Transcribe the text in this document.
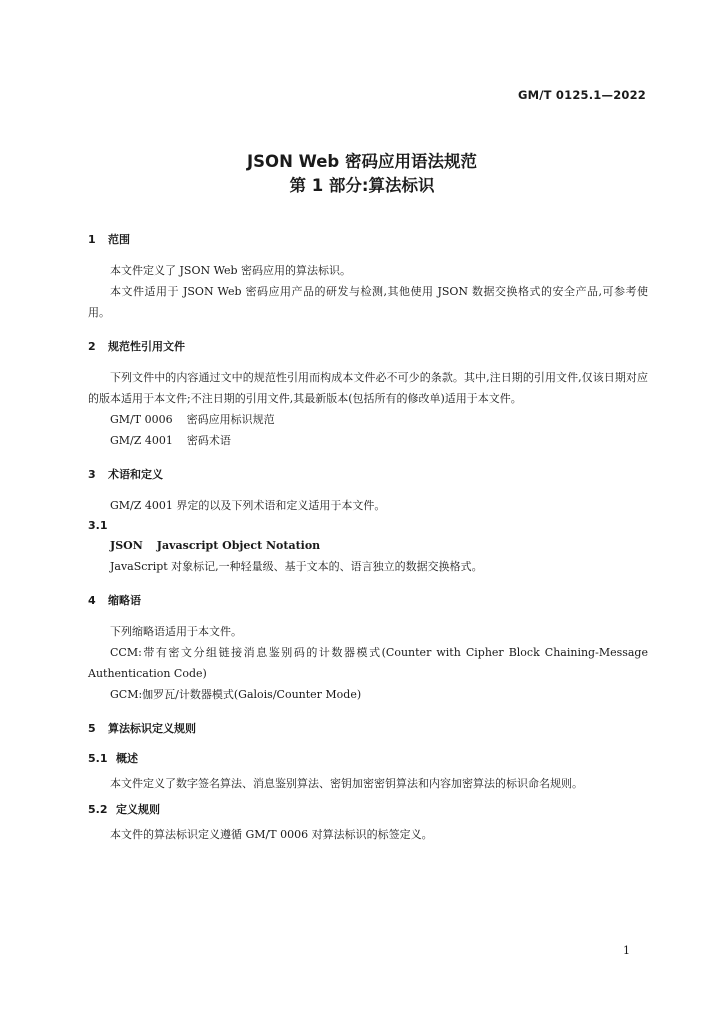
GM/T 0125.1—2022
JSON Web 密码应用语法规范
第 1 部分:算法标识
1 范围
本文件定义了 JSON Web 密码应用的算法标识。
本文件适用于 JSON Web 密码应用产品的研发与检测,其他使用 JSON 数据交换格式的安全产品,可参考使用。
2 规范性引用文件
下列文件中的内容通过文中的规范性引用而构成本文件必不可少的条款。其中,注日期的引用文件,仅该日期对应的版本适用于本文件;不注日期的引用文件,其最新版本(包括所有的修改单)适用于本文件。
GM/T 0006 密码应用标识规范
GM/Z 4001 密码术语
3 术语和定义
GM/Z 4001 界定的以及下列术语和定义适用于本文件。
3.1
JSON Javascript Object Notation
JavaScript 对象标记,一种轻量级、基于文本的、语言独立的数据交换格式。
4 缩略语
下列缩略语适用于本文件。
CCM:带有密文分组链接消息鉴别码的计数器模式(Counter with Cipher Block Chaining-Message Authentication Code)
GCM:伽罗瓦/计数器模式(Galois/Counter Mode)
5 算法标识定义规则
5.1 概述
本文件定义了数字签名算法、消息鉴别算法、密钥加密密钥算法和内容加密算法的标识命名规则。
5.2 定义规则
本文件的算法标识定义遵循 GM/T 0006 对算法标识的标签定义。
1
